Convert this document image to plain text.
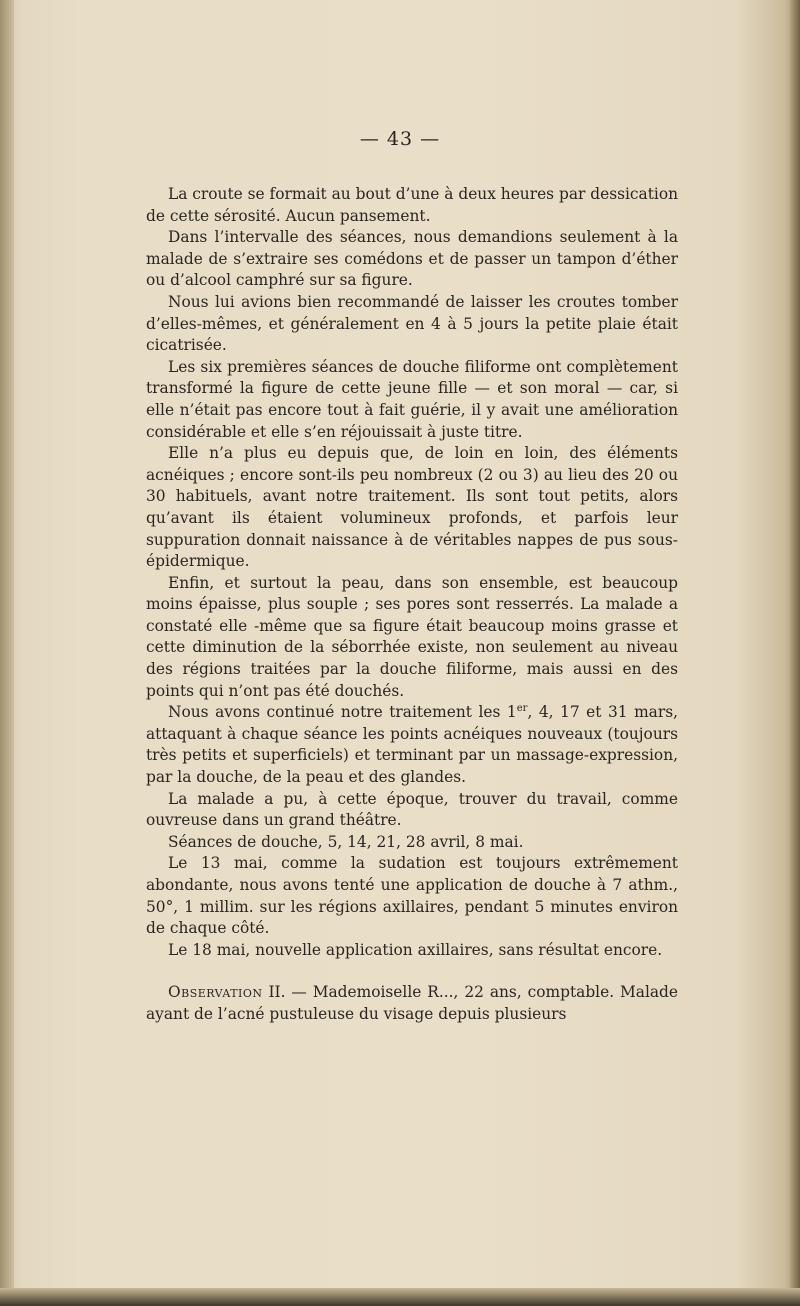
— 43 —

La croute se formait au bout d’une à deux heures par dessication de cette sérosité. Aucun pansement.

Dans l’intervalle des séances, nous demandions seulement à la malade de s’extraire ses comédons et de passer un tampon d’éther ou d’alcool camphré sur sa figure.

Nous lui avions bien recommandé de laisser les croutes tomber d’elles-mêmes, et généralement en 4 à 5 jours la petite plaie était cicatrisée.

Les six premières séances de douche filiforme ont complètement transformé la figure de cette jeune fille — et son moral — car, si elle n’était pas encore tout à fait guérie, il y avait une amélioration considérable et elle s’en réjouissait à juste titre.

Elle n’a plus eu depuis que, de loin en loin, des éléments acnéiques ; encore sont-ils peu nombreux (2 ou 3) au lieu des 20 ou 30 habituels, avant notre traitement. Ils sont tout petits, alors qu’avant ils étaient volumineux profonds, et parfois leur suppuration donnait naissance à de véritables nappes de pus sous-épidermique.

Enfin, et surtout la peau, dans son ensemble, est beaucoup moins épaisse, plus souple ; ses pores sont resserrés. La malade a constaté elle -même que sa figure était beaucoup moins grasse et cette diminution de la séborrhée existe, non seulement au niveau des régions traitées par la douche filiforme, mais aussi en des points qui n’ont pas été douchés.

Nous avons continué notre traitement les 1er, 4, 17 et 31 mars, attaquant à chaque séance les points acnéiques nouveaux (toujours très petits et superficiels) et terminant par un massage-expression, par la douche, de la peau et des glandes.

La malade a pu, à cette époque, trouver du travail, comme ouvreuse dans un grand théâtre.

Séances de douche, 5, 14, 21, 28 avril, 8 mai.

Le 13 mai, comme la sudation est toujours extrêmement abondante, nous avons tenté une application de douche à 7 athm., 50°, 1 millim. sur les régions axillaires, pendant 5 minutes environ de chaque côté.

Le 18 mai, nouvelle application axillaires, sans résultat encore.

Observation II. — Mademoiselle R..., 22 ans, comptable. Malade ayant de l’acné pustuleuse du visage depuis plusieurs
